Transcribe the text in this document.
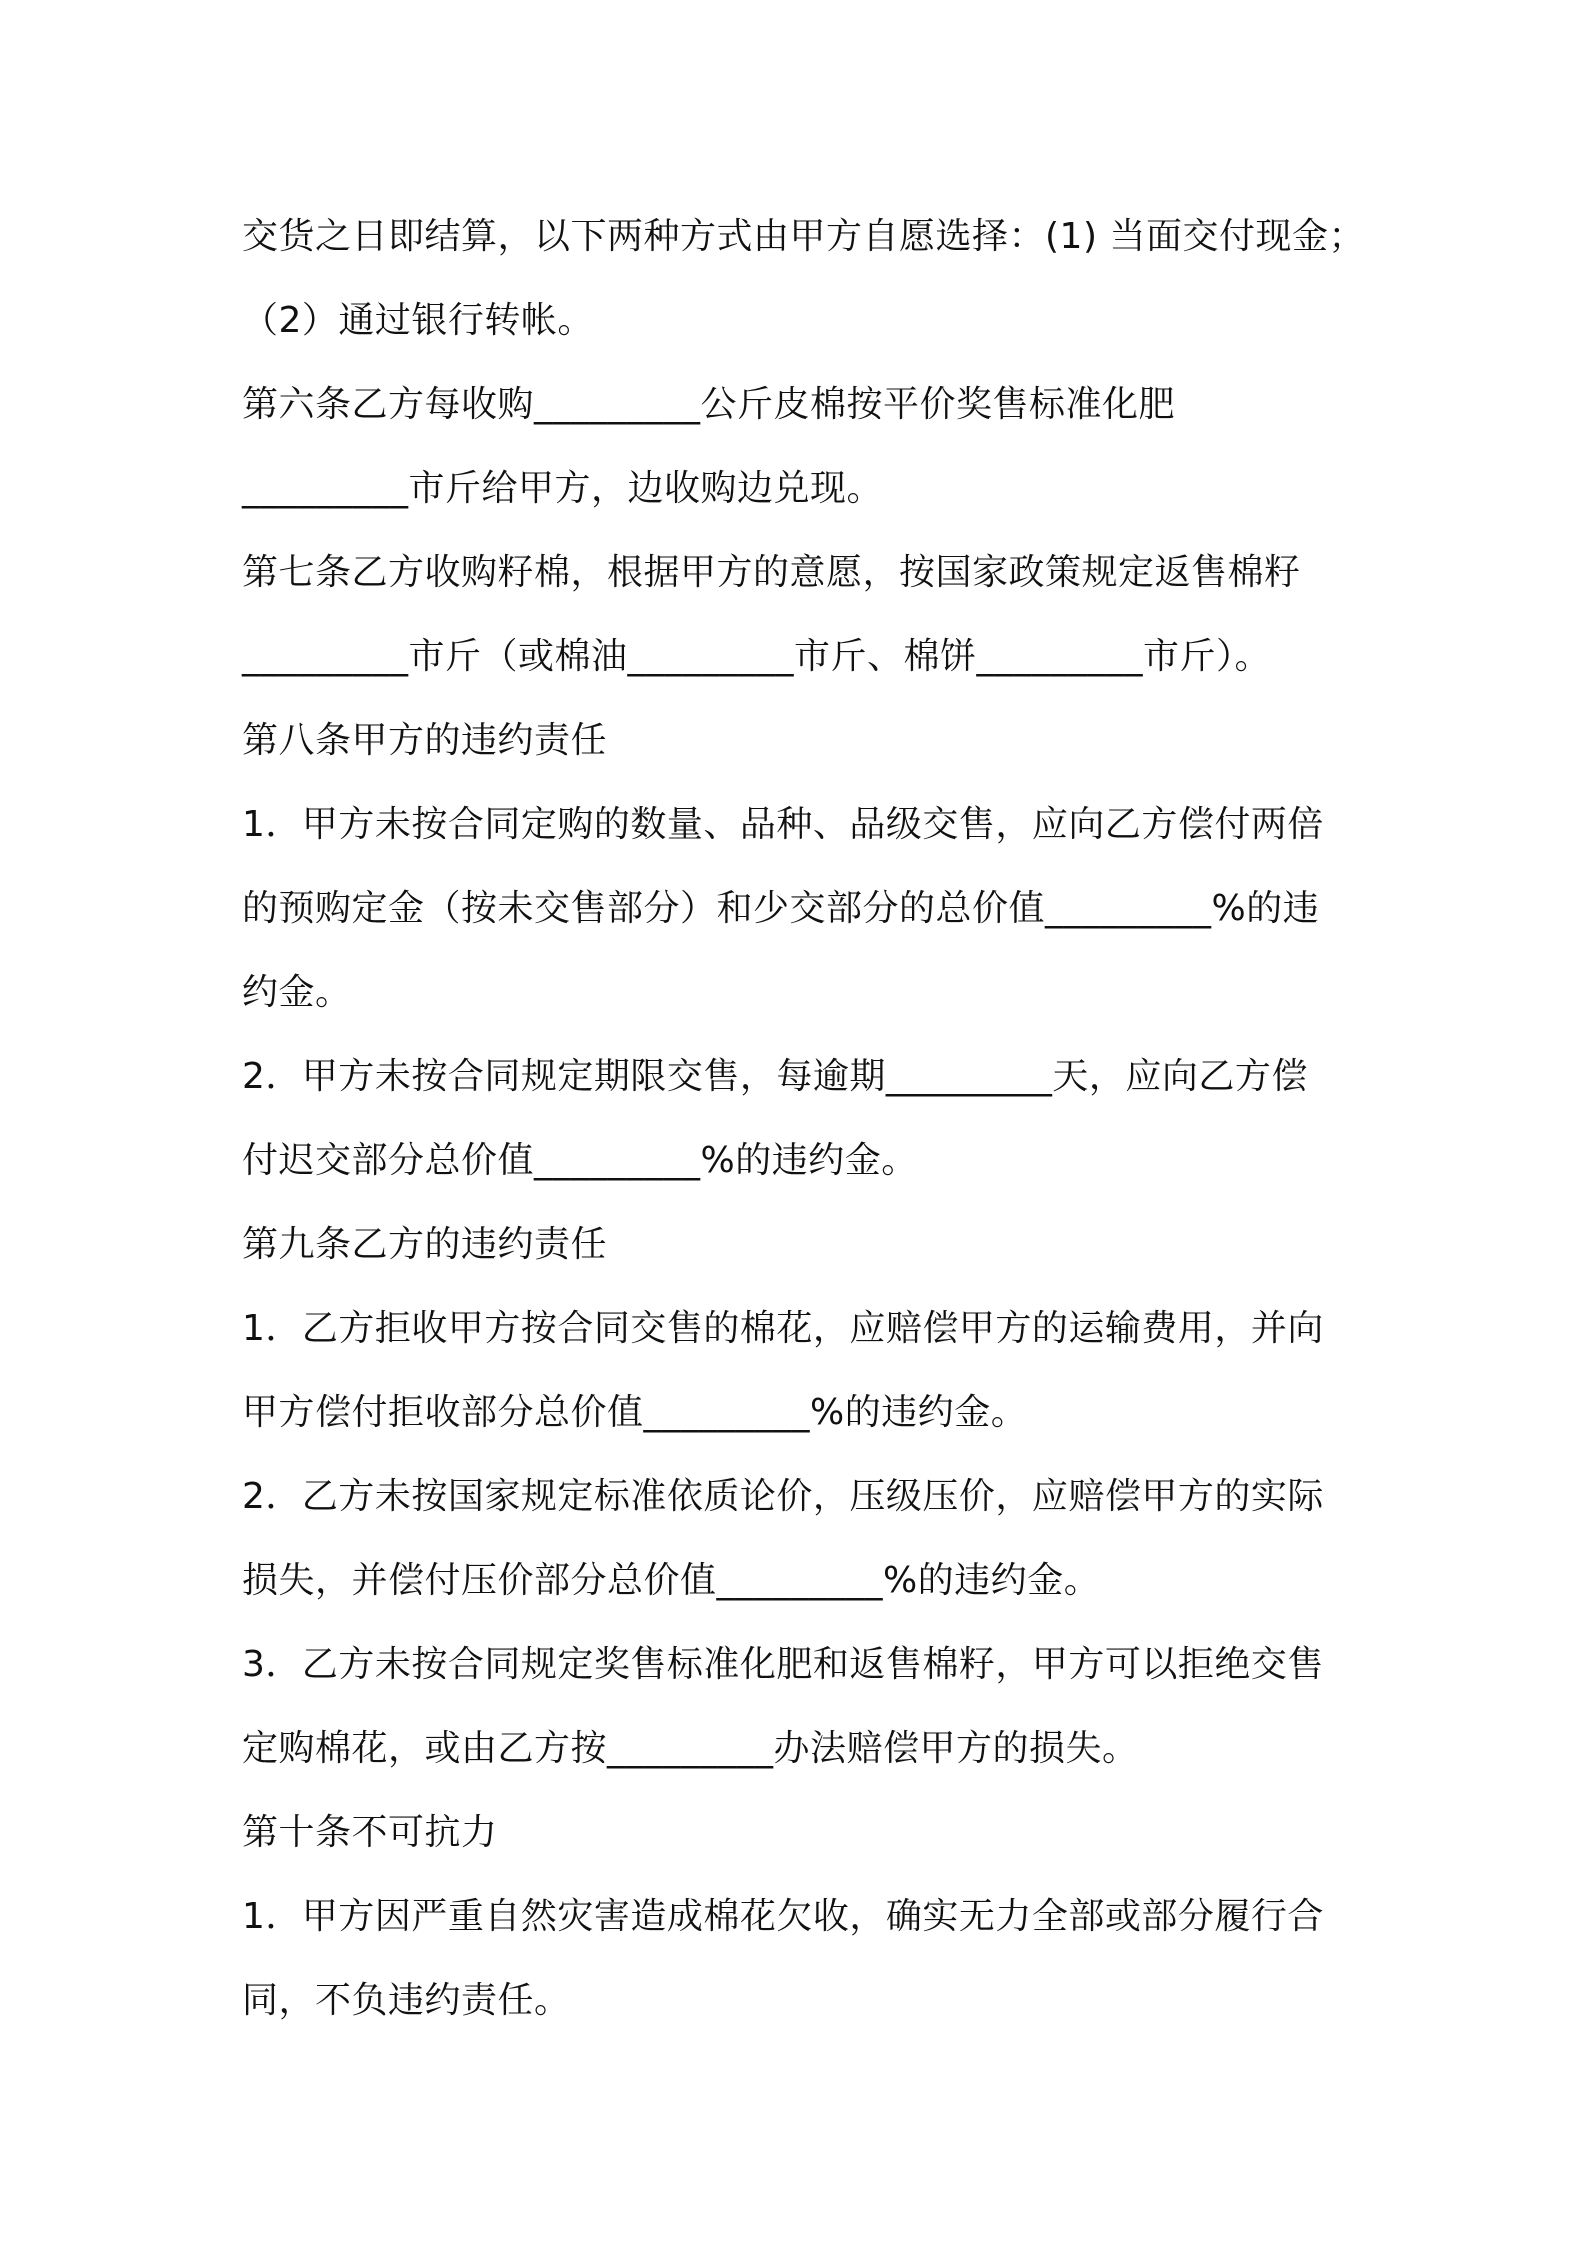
交货之日即结算，以下两种方式由甲方自愿选择：(1) 当面交付现金；
（2）通过银行转帐。
第六条乙方每收购_________公斤皮棉按平价奖售标准化肥
_________市斤给甲方，边收购边兑现。
第七条乙方收购籽棉，根据甲方的意愿，按国家政策规定返售棉籽
_________市斤（或棉油_________市斤、棉饼_________市斤）。
第八条甲方的违约责任
1．甲方未按合同定购的数量、品种、品级交售，应向乙方偿付两倍
的预购定金（按未交售部分）和少交部分的总价值_________%的违
约金。
2．甲方未按合同规定期限交售，每逾期_________天，应向乙方偿
付迟交部分总价值_________%的违约金。
第九条乙方的违约责任
1．乙方拒收甲方按合同交售的棉花，应赔偿甲方的运输费用，并向
甲方偿付拒收部分总价值_________%的违约金。
2．乙方未按国家规定标准依质论价，压级压价，应赔偿甲方的实际
损失，并偿付压价部分总价值_________%的违约金。
3．乙方未按合同规定奖售标准化肥和返售棉籽，甲方可以拒绝交售
定购棉花，或由乙方按_________办法赔偿甲方的损失。
第十条不可抗力
1．甲方因严重自然灾害造成棉花欠收，确实无力全部或部分履行合
同，不负违约责任。
